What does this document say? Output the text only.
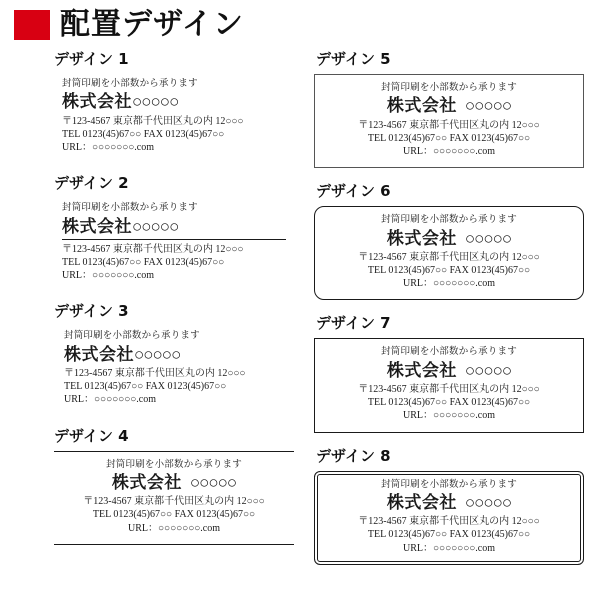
配置デザイン
デザイン 1

封筒印刷を小部数から承ります

株式会社○○○○○

〒123-4567 東京都千代田区丸の内 12○○○

TEL 0123(45)67○○ FAX 0123(45)67○○

URL：○○○○○○○.com

デザイン 2

封筒印刷を小部数から承ります

株式会社○○○○○

〒123-4567 東京都千代田区丸の内 12○○○

TEL 0123(45)67○○ FAX 0123(45)67○○

URL：○○○○○○○.com

デザイン 3

封筒印刷を小部数から承ります

株式会社○○○○○

〒123-4567 東京都千代田区丸の内 12○○○

TEL 0123(45)67○○ FAX 0123(45)67○○

URL：○○○○○○○.com

デザイン 4

封筒印刷を小部数から承ります

株式会社 ○○○○○

〒123-4567 東京都千代田区丸の内 12○○○

TEL 0123(45)67○○ FAX 0123(45)67○○

URL：○○○○○○○.com

デザイン 5

封筒印刷を小部数から承ります

株式会社 ○○○○○

〒123-4567 東京都千代田区丸の内 12○○○

TEL 0123(45)67○○ FAX 0123(45)67○○

URL：○○○○○○○.com

デザイン 6

封筒印刷を小部数から承ります

株式会社 ○○○○○

〒123-4567 東京都千代田区丸の内 12○○○

TEL 0123(45)67○○ FAX 0123(45)67○○

URL：○○○○○○○.com

デザイン 7

封筒印刷を小部数から承ります

株式会社 ○○○○○

〒123-4567 東京都千代田区丸の内 12○○○

TEL 0123(45)67○○ FAX 0123(45)67○○

URL：○○○○○○○.com

デザイン 8

封筒印刷を小部数から承ります

株式会社 ○○○○○

〒123-4567 東京都千代田区丸の内 12○○○

TEL 0123(45)67○○ FAX 0123(45)67○○

URL：○○○○○○○.com
